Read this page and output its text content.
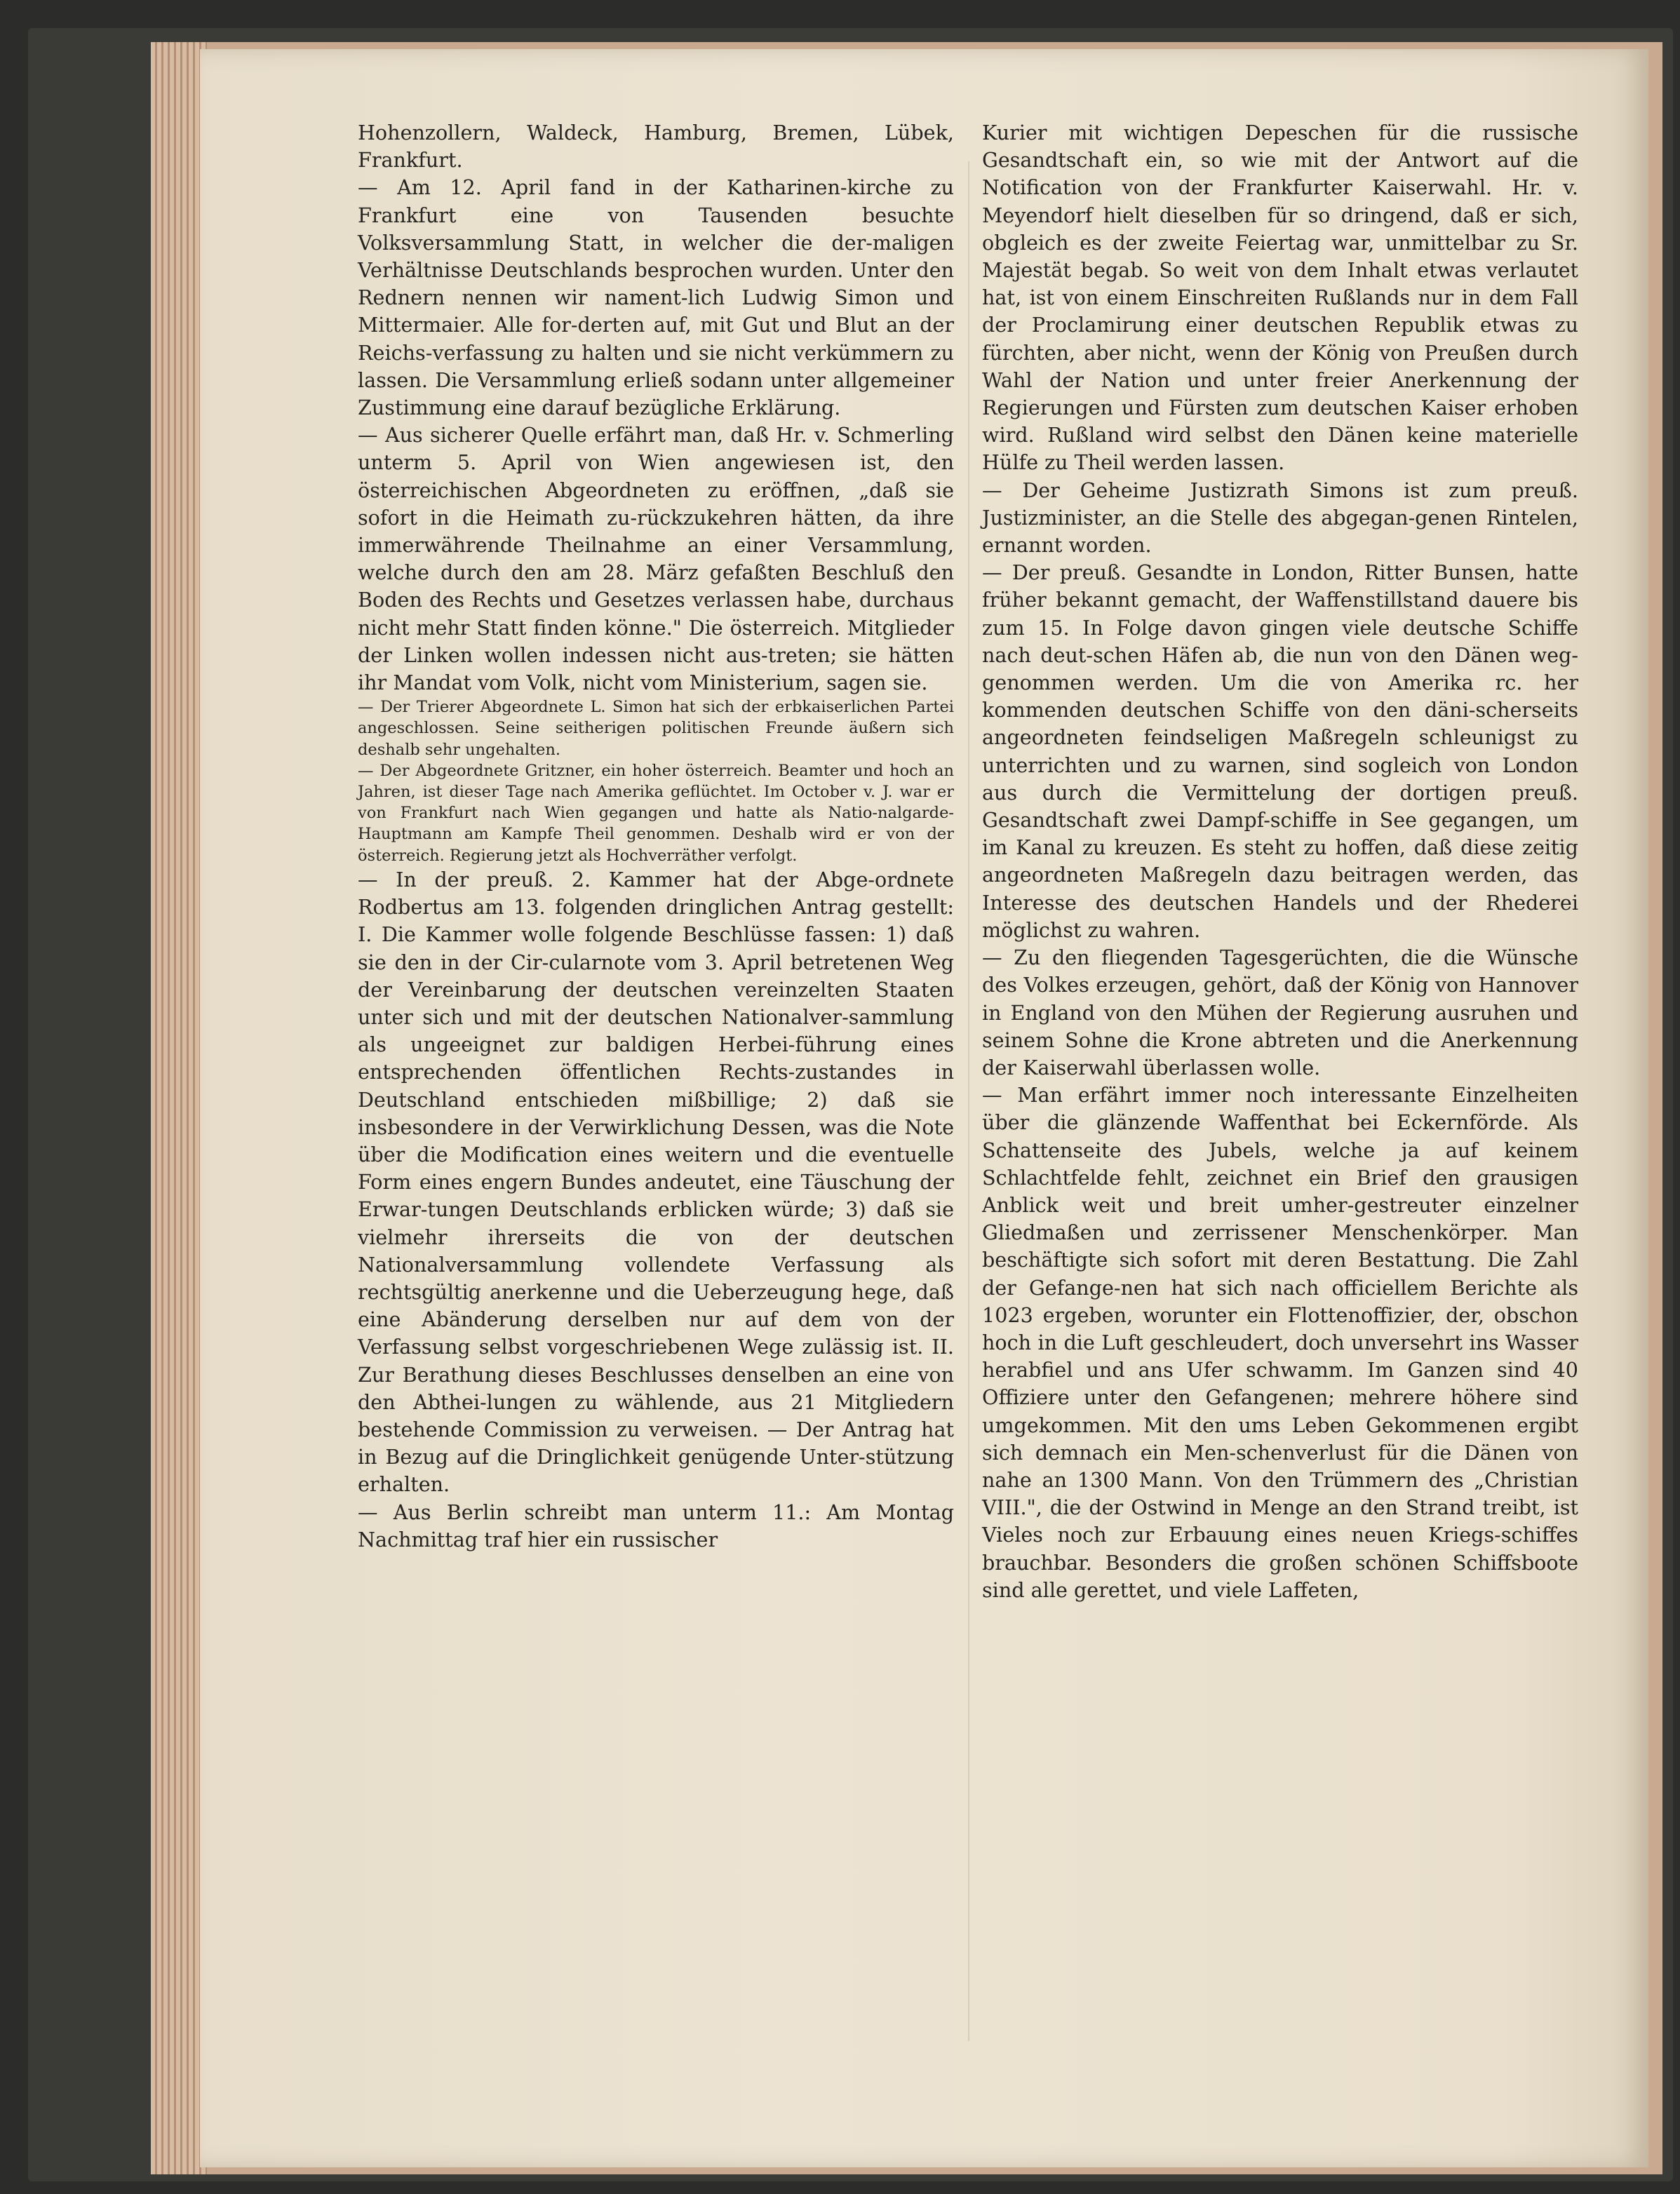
Hohenzollern, Waldeck, Hamburg, Bremen, Lübek, Frankfurt.

— Am 12. April fand in der Katharinen-kirche zu Frankfurt eine von Tausenden besuchte Volksversammlung Statt, in welcher die der-maligen Verhältnisse Deutschlands besprochen wurden. Unter den Rednern nennen wir nament-lich Ludwig Simon und Mittermaier. Alle for-derten auf, mit Gut und Blut an der Reichs-verfassung zu halten und sie nicht verkümmern zu lassen. Die Versammlung erließ sodann unter allgemeiner Zustimmung eine darauf bezügliche Erklärung.

— Aus sicherer Quelle erfährt man, daß Hr. v. Schmerling unterm 5. April von Wien angewiesen ist, den österreichischen Abgeordneten zu eröffnen, „daß sie sofort in die Heimath zu-rückzukehren hätten, da ihre immerwährende Theilnahme an einer Versammlung, welche durch den am 28. März gefaßten Beschluß den Boden des Rechts und Gesetzes verlassen habe, durchaus nicht mehr Statt finden könne." Die österreich. Mitglieder der Linken wollen indessen nicht aus-treten; sie hätten ihr Mandat vom Volk, nicht vom Ministerium, sagen sie.

— Der Trierer Abgeordnete L. Simon hat sich der erbkaiserlichen Partei angeschlossen. Seine seitherigen politischen Freunde äußern sich deshalb sehr ungehalten.

— Der Abgeordnete Gritzner, ein hoher österreich. Beamter und hoch an Jahren, ist dieser Tage nach Amerika geflüchtet. Im October v. J. war er von Frankfurt nach Wien gegangen und hatte als Natio-nalgarde-Hauptmann am Kampfe Theil genommen. Deshalb wird er von der österreich. Regierung jetzt als Hochverräther verfolgt.

— In der preuß. 2. Kammer hat der Abge-ordnete Rodbertus am 13. folgenden dringlichen Antrag gestellt: I. Die Kammer wolle folgende Beschlüsse fassen: 1) daß sie den in der Cir-cularnote vom 3. April betretenen Weg der Vereinbarung der deutschen vereinzelten Staaten unter sich und mit der deutschen Nationalver-sammlung als ungeeignet zur baldigen Herbei-führung eines entsprechenden öffentlichen Rechts-zustandes in Deutschland entschieden mißbillige; 2) daß sie insbesondere in der Verwirklichung Dessen, was die Note über die Modification eines weitern und die eventuelle Form eines engern Bundes andeutet, eine Täuschung der Erwar-tungen Deutschlands erblicken würde; 3) daß sie vielmehr ihrerseits die von der deutschen Nationalversammlung vollendete Verfassung als rechtsgültig anerkenne und die Ueberzeugung hege, daß eine Abänderung derselben nur auf dem von der Verfassung selbst vorgeschriebenen Wege zulässig ist. II. Zur Berathung dieses Beschlusses denselben an eine von den Abthei-lungen zu wählende, aus 21 Mitgliedern bestehende Commission zu verweisen. — Der Antrag hat in Bezug auf die Dringlichkeit genügende Unter-stützung erhalten.

— Aus Berlin schreibt man unterm 11.: Am Montag Nachmittag traf hier ein russischer

Kurier mit wichtigen Depeschen für die russische Gesandtschaft ein, so wie mit der Antwort auf die Notification von der Frankfurter Kaiserwahl. Hr. v. Meyendorf hielt dieselben für so dringend, daß er sich, obgleich es der zweite Feiertag war, unmittelbar zu Sr. Majestät begab. So weit von dem Inhalt etwas verlautet hat, ist von einem Einschreiten Rußlands nur in dem Fall der Proclamirung einer deutschen Republik etwas zu fürchten, aber nicht, wenn der König von Preußen durch Wahl der Nation und unter freier Anerkennung der Regierungen und Fürsten zum deutschen Kaiser erhoben wird. Rußland wird selbst den Dänen keine materielle Hülfe zu Theil werden lassen.

— Der Geheime Justizrath Simons ist zum preuß. Justizminister, an die Stelle des abgegan-genen Rintelen, ernannt worden.

— Der preuß. Gesandte in London, Ritter Bunsen, hatte früher bekannt gemacht, der Waffenstillstand dauere bis zum 15. In Folge davon gingen viele deutsche Schiffe nach deut-schen Häfen ab, die nun von den Dänen weg-genommen werden. Um die von Amerika rc. her kommenden deutschen Schiffe von den däni-scherseits angeordneten feindseligen Maßregeln schleunigst zu unterrichten und zu warnen, sind sogleich von London aus durch die Vermittelung der dortigen preuß. Gesandtschaft zwei Dampf-schiffe in See gegangen, um im Kanal zu kreuzen. Es steht zu hoffen, daß diese zeitig angeordneten Maßregeln dazu beitragen werden, das Interesse des deutschen Handels und der Rhederei möglichst zu wahren.

— Zu den fliegenden Tagesgerüchten, die die Wünsche des Volkes erzeugen, gehört, daß der König von Hannover in England von den Mühen der Regierung ausruhen und seinem Sohne die Krone abtreten und die Anerkennung der Kaiserwahl überlassen wolle.

— Man erfährt immer noch interessante Einzelheiten über die glänzende Waffenthat bei Eckernförde. Als Schattenseite des Jubels, welche ja auf keinem Schlachtfelde fehlt, zeichnet ein Brief den grausigen Anblick weit und breit umher-gestreuter einzelner Gliedmaßen und zerrissener Menschenkörper. Man beschäftigte sich sofort mit deren Bestattung. Die Zahl der Gefange-nen hat sich nach officiellem Berichte als 1023 ergeben, worunter ein Flottenoffizier, der, obschon hoch in die Luft geschleudert, doch unversehrt ins Wasser herabfiel und ans Ufer schwamm. Im Ganzen sind 40 Offiziere unter den Gefangenen; mehrere höhere sind umgekommen. Mit den ums Leben Gekommenen ergibt sich demnach ein Men-schenverlust für die Dänen von nahe an 1300 Mann. Von den Trümmern des „Christian VIII.", die der Ostwind in Menge an den Strand treibt, ist Vieles noch zur Erbauung eines neuen Kriegs-schiffes brauchbar. Besonders die großen schönen Schiffsboote sind alle gerettet, und viele Laffeten,
